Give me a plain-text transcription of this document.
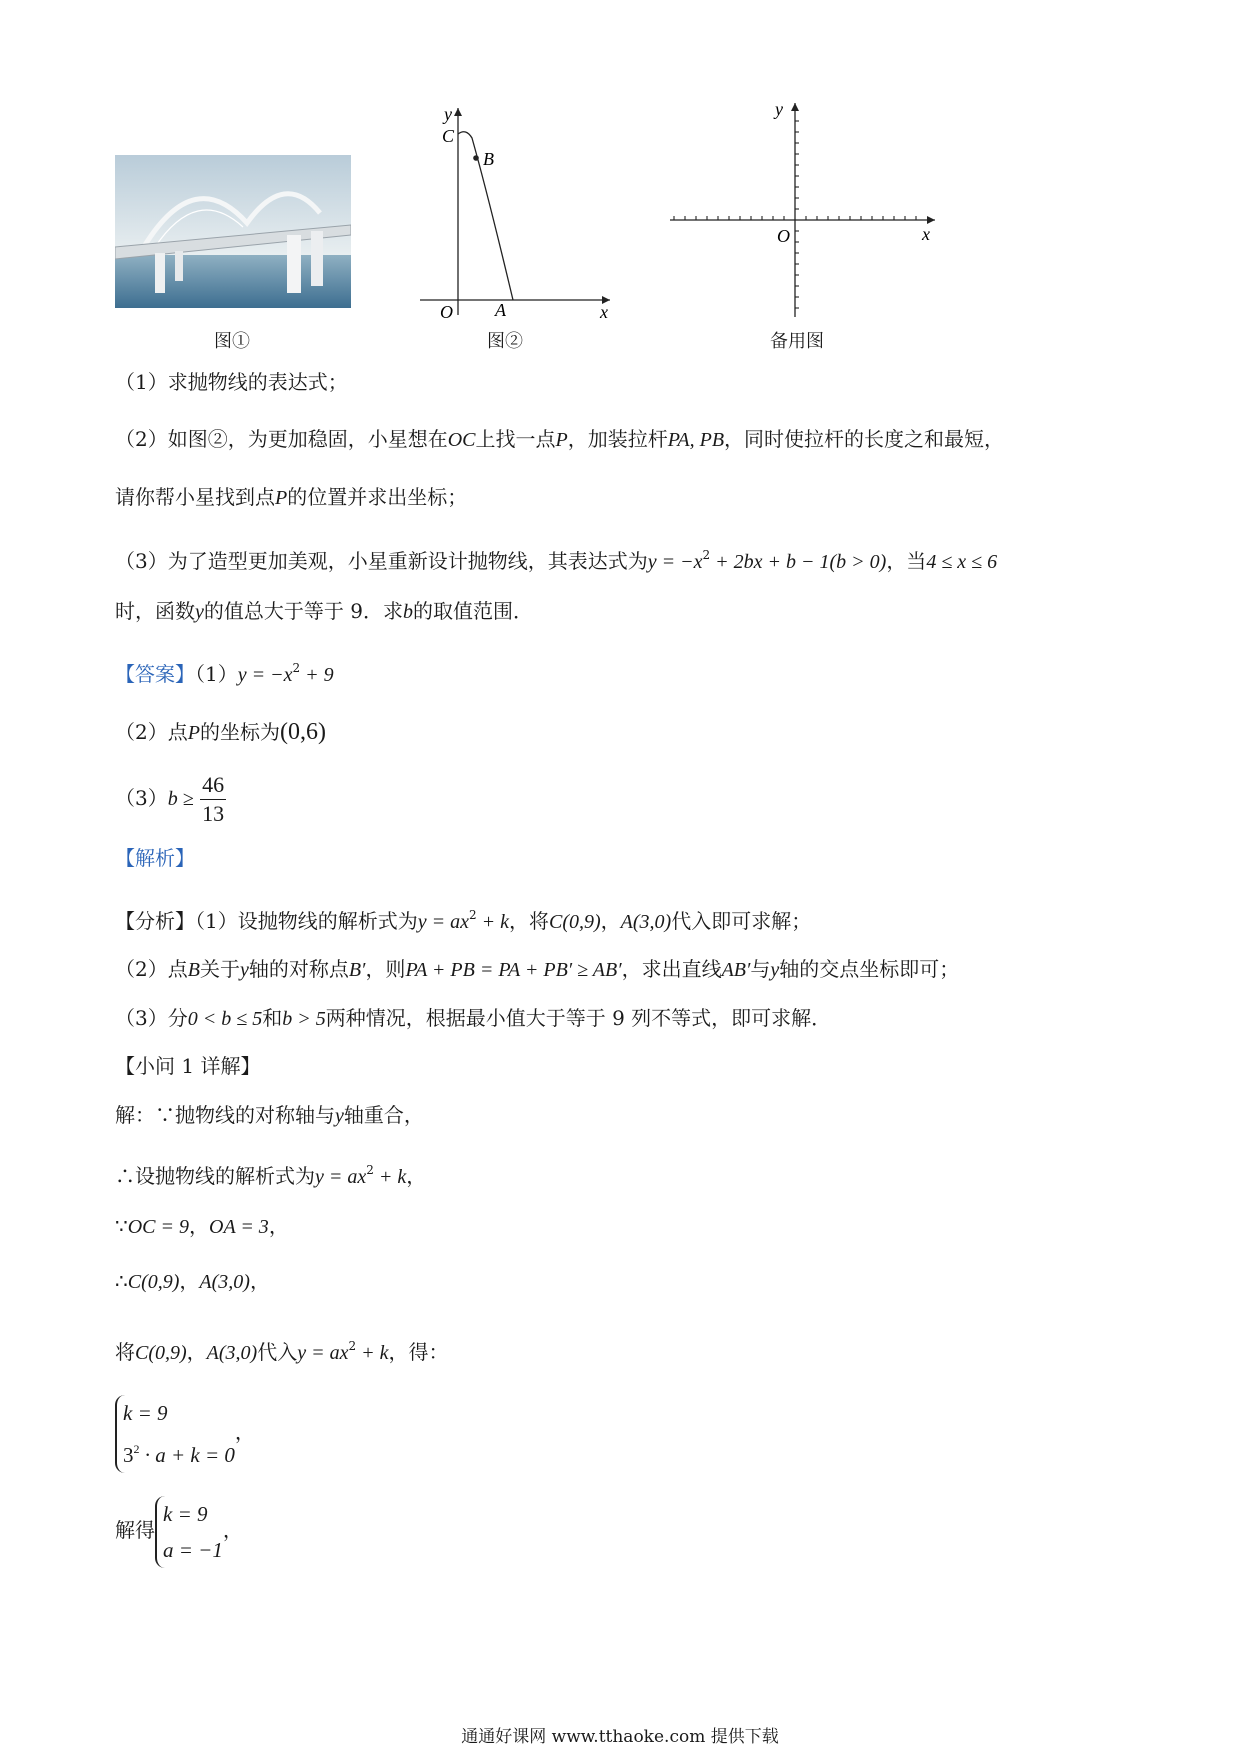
图①
y
C
B
O A	x
图②
y
O	x
备用图
（1）求抛物线的表达式；
（2）如图②，为更加稳固，小星想在OC上找一点P，加装拉杆PA, PB，同时使拉杆的长度之和最短，
请你帮小星找到点P的位置并求出坐标；
（3）为了造型更加美观，小星重新设计抛物线，其表达式为$y = -x^2 + 2bx + b - 1(b > 0)$，当4 ≤ x ≤ 6
时，函数y的值总大于等于 9．求b的取值范围．
【答案】$(1)y = -x^2 + 9$
（2）点P的坐标为(0,6)
$(3)b \ge \frac{46}{13}$
【解析】
【分析】（1）设抛物线的解析式为$y = ax^2 + k$，将C(0,9)，A(3,0)代入即可求解；
（2）点B关于y轴的对称点B′，则PA + PB = PA + PB′ ≥ AB′，求出直线AB′与y轴的交点坐标即可；
（3）分0 < b ≤ 5和b > 5两种情况，根据最小值大于等于 9 列不等式，即可求解．
【小问 1 详解】
解：∵抛物线的对称轴与y轴重合，
∴设抛物线的解析式为$y = ax^2 + k$，
∵OC = 9，OA = 3，
∴C(0,9)，A(3,0)，
将C(0,9)，A(3,0)代入$y = ax^2 + k$，得：
k = 9
$3^2 \cdot a + k = 0$
，
解得
k = 9
a = −1
，
通通好课网 www.tthaoke.com 提供下载
